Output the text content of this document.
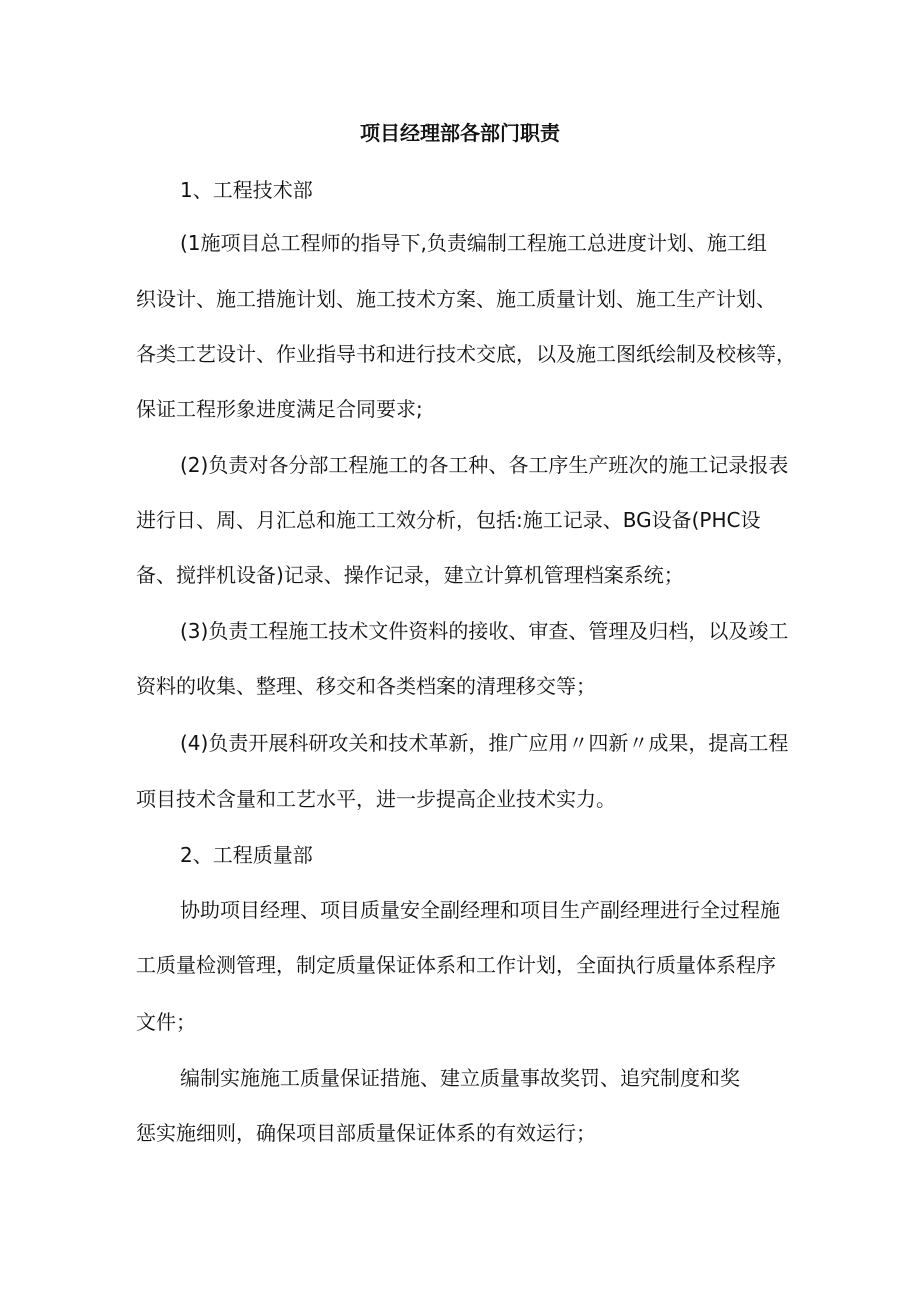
项目经理部各部门职责
1、工程技术部
(1施项目总工程师的指导下,负责编制工程施工总进度计划、施工组
织设计、施工措施计划、施工技术方案、施工质量计划、施工生产计划、
各类工艺设计、作业指导书和进行技术交底，以及施工图纸绘制及校核等，
保证工程形象进度满足合同要求;
(2)负责对各分部工程施工的各工种、各工序生产班次的施工记录报表
进行日、周、月汇总和施工工效分析，包括:施工记录、BG设备(PHC设
备、搅拌机设备)记录、操作记录，建立计算机管理档案系统；
(3)负责工程施工技术文件资料的接收、审查、管理及归档，以及竣工
资料的收集、整理、移交和各类档案的清理移交等；
(4)负责开展科研攻关和技术革新，推广应用〃四新〃成果，提高工程
项目技术含量和工艺水平，进一步提高企业技术实力。
2、工程质量部
协助项目经理、项目质量安全副经理和项目生产副经理进行全过程施
工质量检测管理，制定质量保证体系和工作计划，全面执行质量体系程序
文件；
编制实施施工质量保证措施、建立质量事故奖罚、追究制度和奖
惩实施细则，确保项目部质量保证体系的有效运行；
